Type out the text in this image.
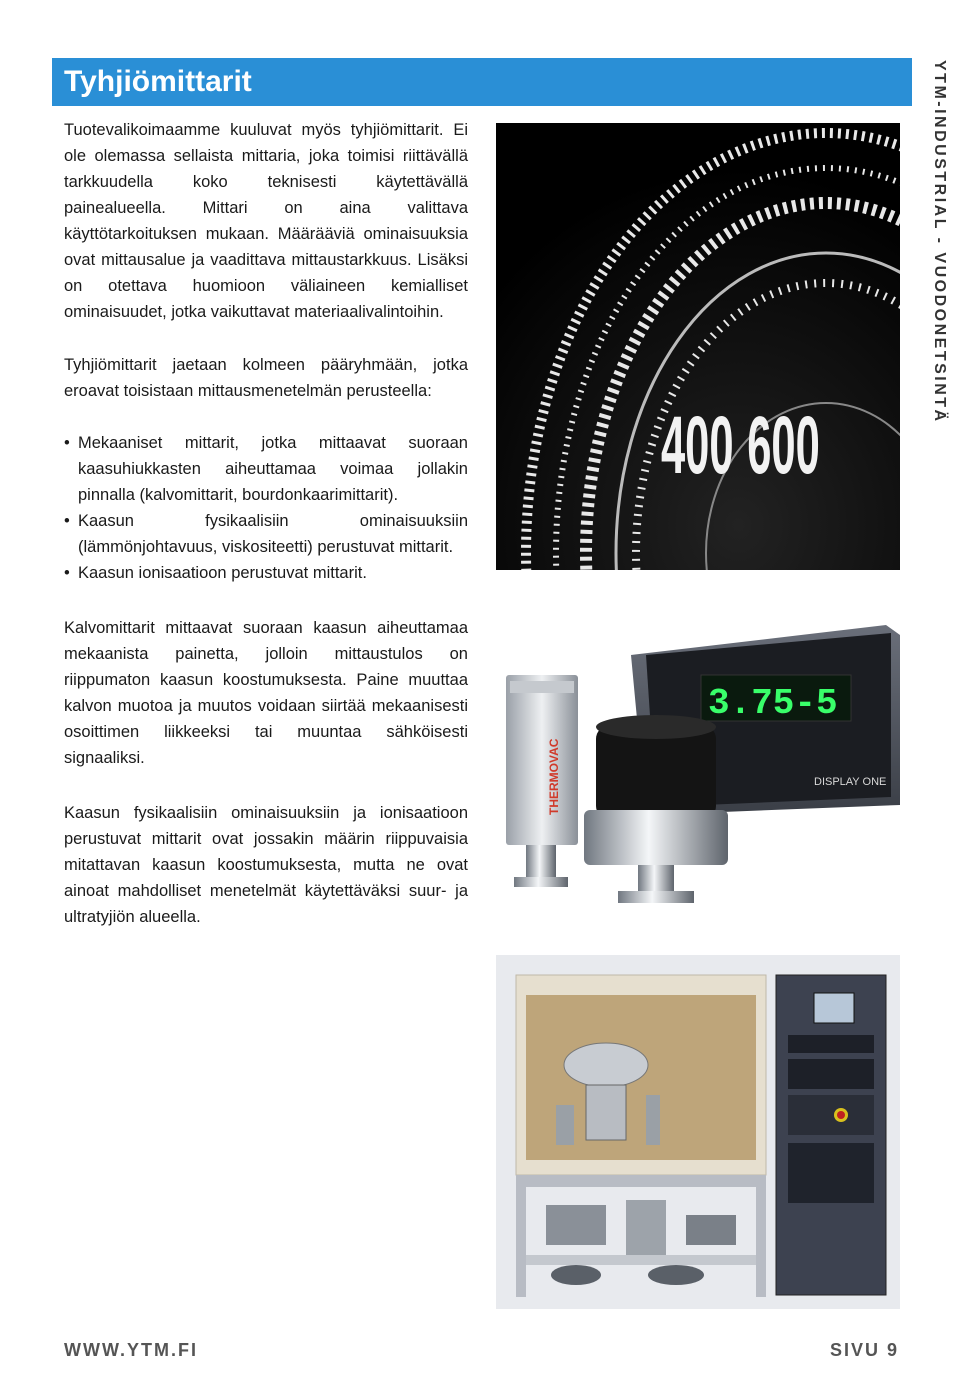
Tyhjiömittarit	YTM-INDUSTRIAL - VUODONETSINTÄ

Tuotevalikoimaamme kuuluvat myös tyhjiömittarit. Ei ole olemassa sellaista mittaria, joka toimisi riittävällä tarkkuudella koko teknisesti käytettävällä painealueella. Mittari on aina valittava käyttötarkoituksen mukaan. Määrääviä ominaisuuksia ovat mittausalue ja vaadittava mittaustarkkuus. Lisäksi on otettava huomioon väliaineen kemialliset ominaisuudet, jotka vaikuttavat materiaalivalintoihin.

Tyhjiömittarit jaetaan kolmeen pääryhmään, jotka eroavat toisistaan mittausmenetelmän perusteella:

• Mekaaniset mittarit, jotka mittaavat suoraan kaasuhiukkasten aiheuttamaa voimaa jollakin pinnalla (kalvomittarit, bourdonkaarimittarit).
• Kaasun fysikaalisiin ominaisuuksiin (lämmönjohtavuus, viskositeetti) perustuvat mittarit.
• Kaasun ionisaatioon perustuvat mittarit.

Kalvomittarit mittaavat suoraan kaasun aiheuttamaa mekaanista painetta, jolloin mittaustulos on riippumaton kaasun koostumuksesta. Paine muuttaa kalvon muotoa ja muutos voidaan siirtää mekaanisesti osoittimen liikkeeksi tai muuntaa sähköisesti signaaliksi.

Kaasun fysikaalisiin ominaisuuksiin ja ionisaatioon perustuvat mittarit ovat jossakin määrin riippuvaisia mitattavan kaasun koostumuksesta, mutta ne ovat ainoat mahdolliset menetelmät käytettäväksi suur- ja ultratyjiön alueella.

400 600
3.75-5
DISPLAY ONE
THERMOVAC
WWW.YTM.FI	SIVU 9
